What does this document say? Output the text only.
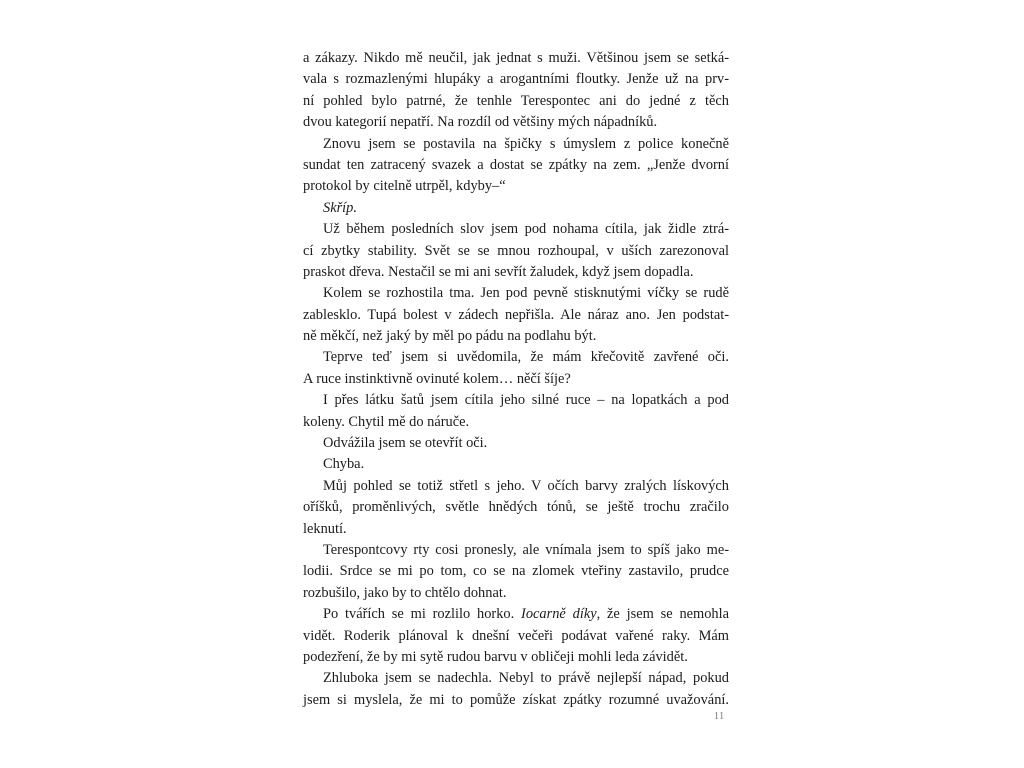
a zákazy. Nikdo mě neučil, jak jednat s muži. Většinou jsem se setká-
vala s rozmazlenými hlupáky a arogantními floutky. Jenže už na prv-
ní pohled bylo patrné, že tenhle Terespontec ani do jedné z těch
dvou kategorií nepatří. Na rozdíl od většiny mých nápadníků.
Znovu jsem se postavila na špičky s úmyslem z police konečně
sundat ten zatracený svazek a dostat se zpátky na zem. „Jenže dvorní
protokol by citelně utrpěl, kdyby–“
Skříp.
Už během posledních slov jsem pod nohama cítila, jak židle ztrá-
cí zbytky stability. Svět se se mnou rozhoupal, v uších zarezonoval
praskot dřeva. Nestačil se mi ani sevřít žaludek, když jsem dopadla.
Kolem se rozhostila tma. Jen pod pevně stisknutými víčky se rudě
zablesklo. Tupá bolest v zádech nepřišla. Ale náraz ano. Jen podstat-
ně měkčí, než jaký by měl po pádu na podlahu být.
Teprve teď jsem si uvědomila, že mám křečovitě zavřené oči.
A ruce instinktivně ovinuté kolem… něčí šíje?
I přes látku šatů jsem cítila jeho silné ruce – na lopatkách a pod
koleny. Chytil mě do náruče.
Odvážila jsem se otevřít oči.
Chyba.
Můj pohled se totiž střetl s jeho. V očích barvy zralých lískových
oříšků, proměnlivých, světle hnědých tónů, se ještě trochu zračilo
leknutí.
Terespontcovy rty cosi pronesly, ale vnímala jsem to spíš jako me-
lodii. Srdce se mi po tom, co se na zlomek vteřiny zastavilo, prudce
rozbušilo, jako by to chtělo dohnat.
Po tvářích se mi rozlilo horko. Iocarně díky, že jsem se nemohla
vidět. Roderik plánoval k dnešní večeři podávat vařené raky. Mám
podezření, že by mi sytě rudou barvu v obličeji mohli leda závidět.
Zhluboka jsem se nadechla. Nebyl to právě nejlepší nápad, pokud
jsem si myslela, že mi to pomůže získat zpátky rozumné uvažování.
11
